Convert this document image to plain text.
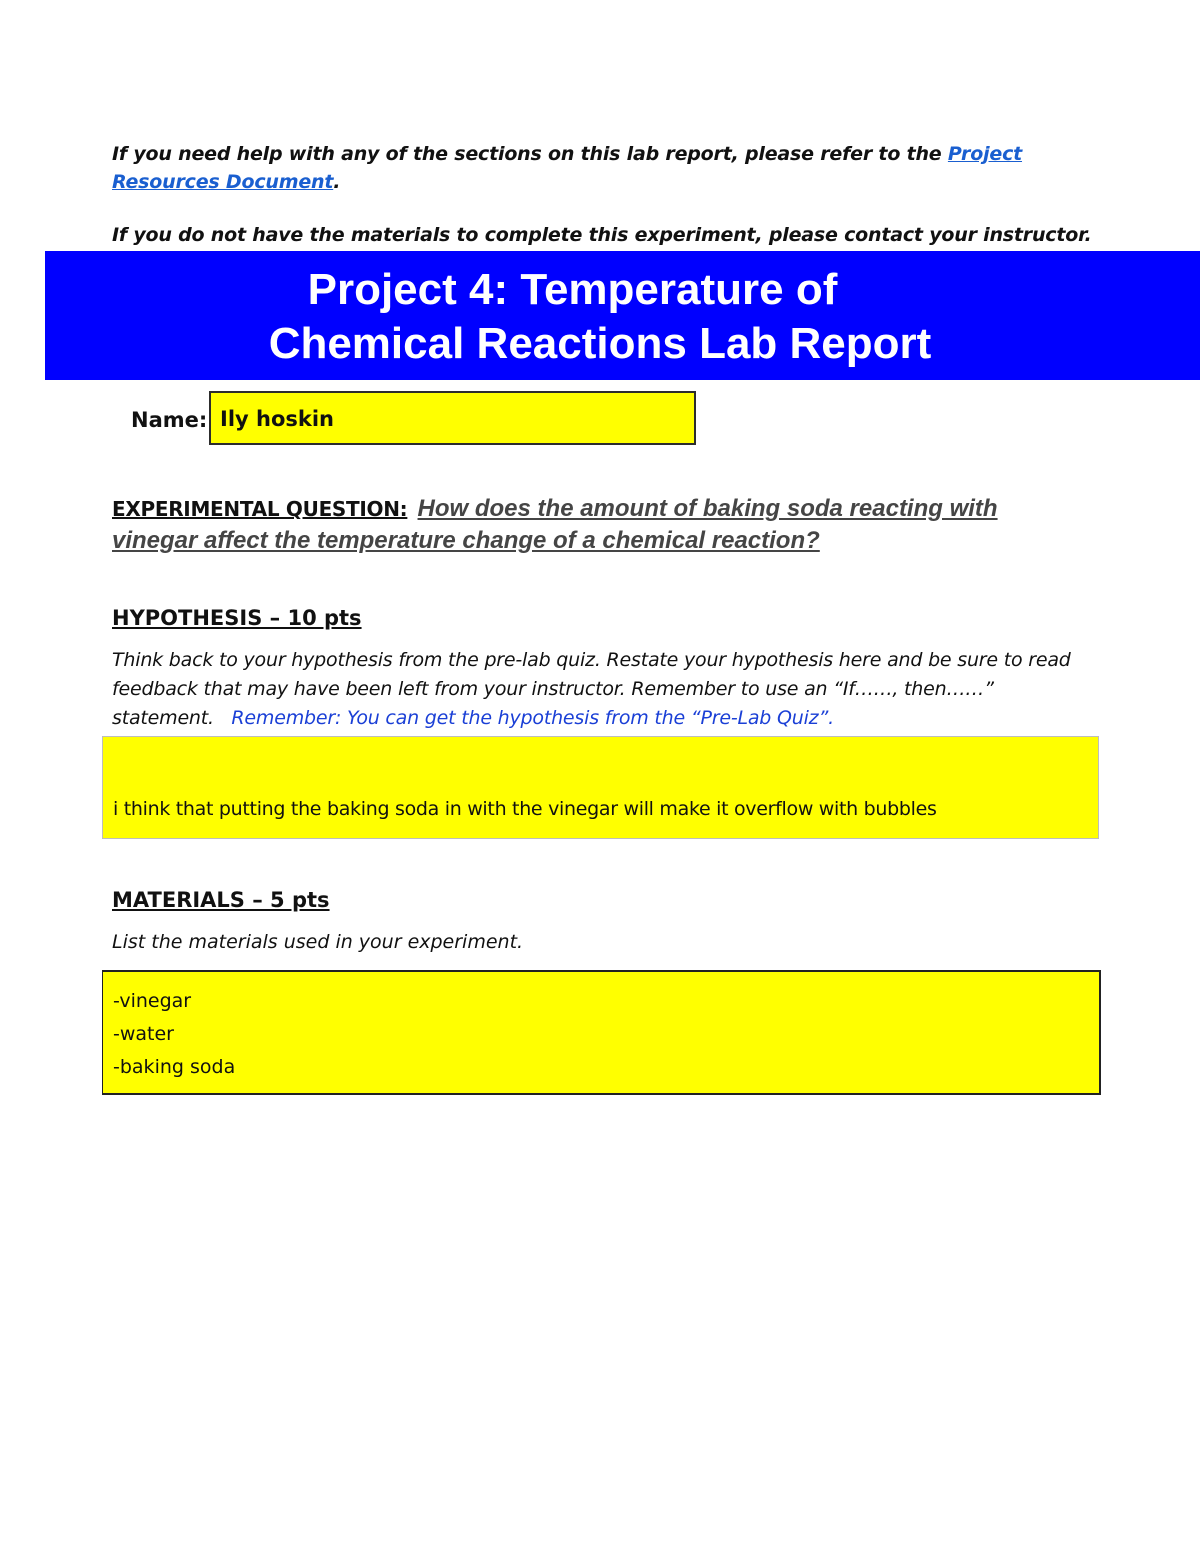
If you need help with any of the sections on this lab report, please refer to the Project Resources Document.
If you do not have the materials to complete this experiment, please contact your instructor.
Project 4: Temperature of
Chemical Reactions Lab Report
Name: Ily hoskin
EXPERIMENTAL QUESTION: How does the amount of baking soda reacting with vinegar affect the temperature change of a chemical reaction?
HYPOTHESIS – 10 pts
Think back to your hypothesis from the pre-lab quiz. Restate your hypothesis here and be sure to read feedback that may have been left from your instructor. Remember to use an “If……, then……” statement. Remember: You can get the hypothesis from the “Pre-Lab Quiz”.
i think that putting the baking soda in with the vinegar will make it overflow with bubbles
MATERIALS – 5 pts
List the materials used in your experiment.
-vinegar
-water
-baking soda
